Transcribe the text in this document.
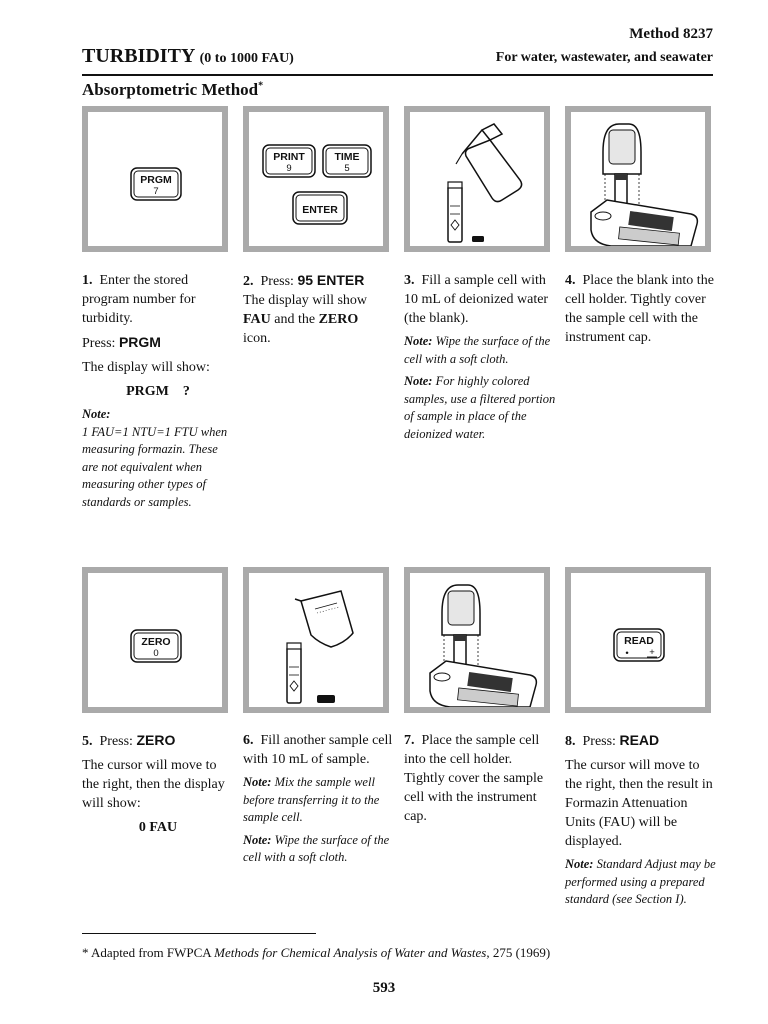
Method 8237
TURBIDITY (0 to 1000 FAU)	For water, wastewater, and seawater
Absorptometric Method*
PRGM
7
PRINT
9
TIME
5
ENTER

1. Enter the stored program number for turbidity.

Press: PRGM

The display will show:

PRGM    ?

Note:
1 FAU=1 NTU=1 FTU when measuring formazin. These are not equivalent when measuring other types of standards or samples.

2. Press: 95 ENTER
The display will show
FAU and the ZERO
icon.

3. Fill a sample cell with 10 mL of deionized water (the blank).

Note: Wipe the surface of the cell with a soft cloth.

Note: For highly colored samples, use a filtered portion of sample in place of the deionized water.

4. Place the blank into the cell holder. Tightly cover the sample cell with the instrument cap.

ZERO
0
READ
• +

5. Press: ZERO

The cursor will move to the right, then the display will show:

0 FAU

6. Fill another sample cell with 10 mL of sample.

Note: Mix the sample well before transferring it to the sample cell.

Note: Wipe the surface of the cell with a soft cloth.

7. Place the sample cell into the cell holder. Tightly cover the sample cell with the instrument cap.

8. Press: READ

The cursor will move to the right, then the result in Formazin Attenuation Units (FAU) will be displayed.

Note: Standard Adjust may be performed using a prepared standard (see Section I).

* Adapted from FWPCA Methods for Chemical Analysis of Water and Wastes, 275 (1969)
593
